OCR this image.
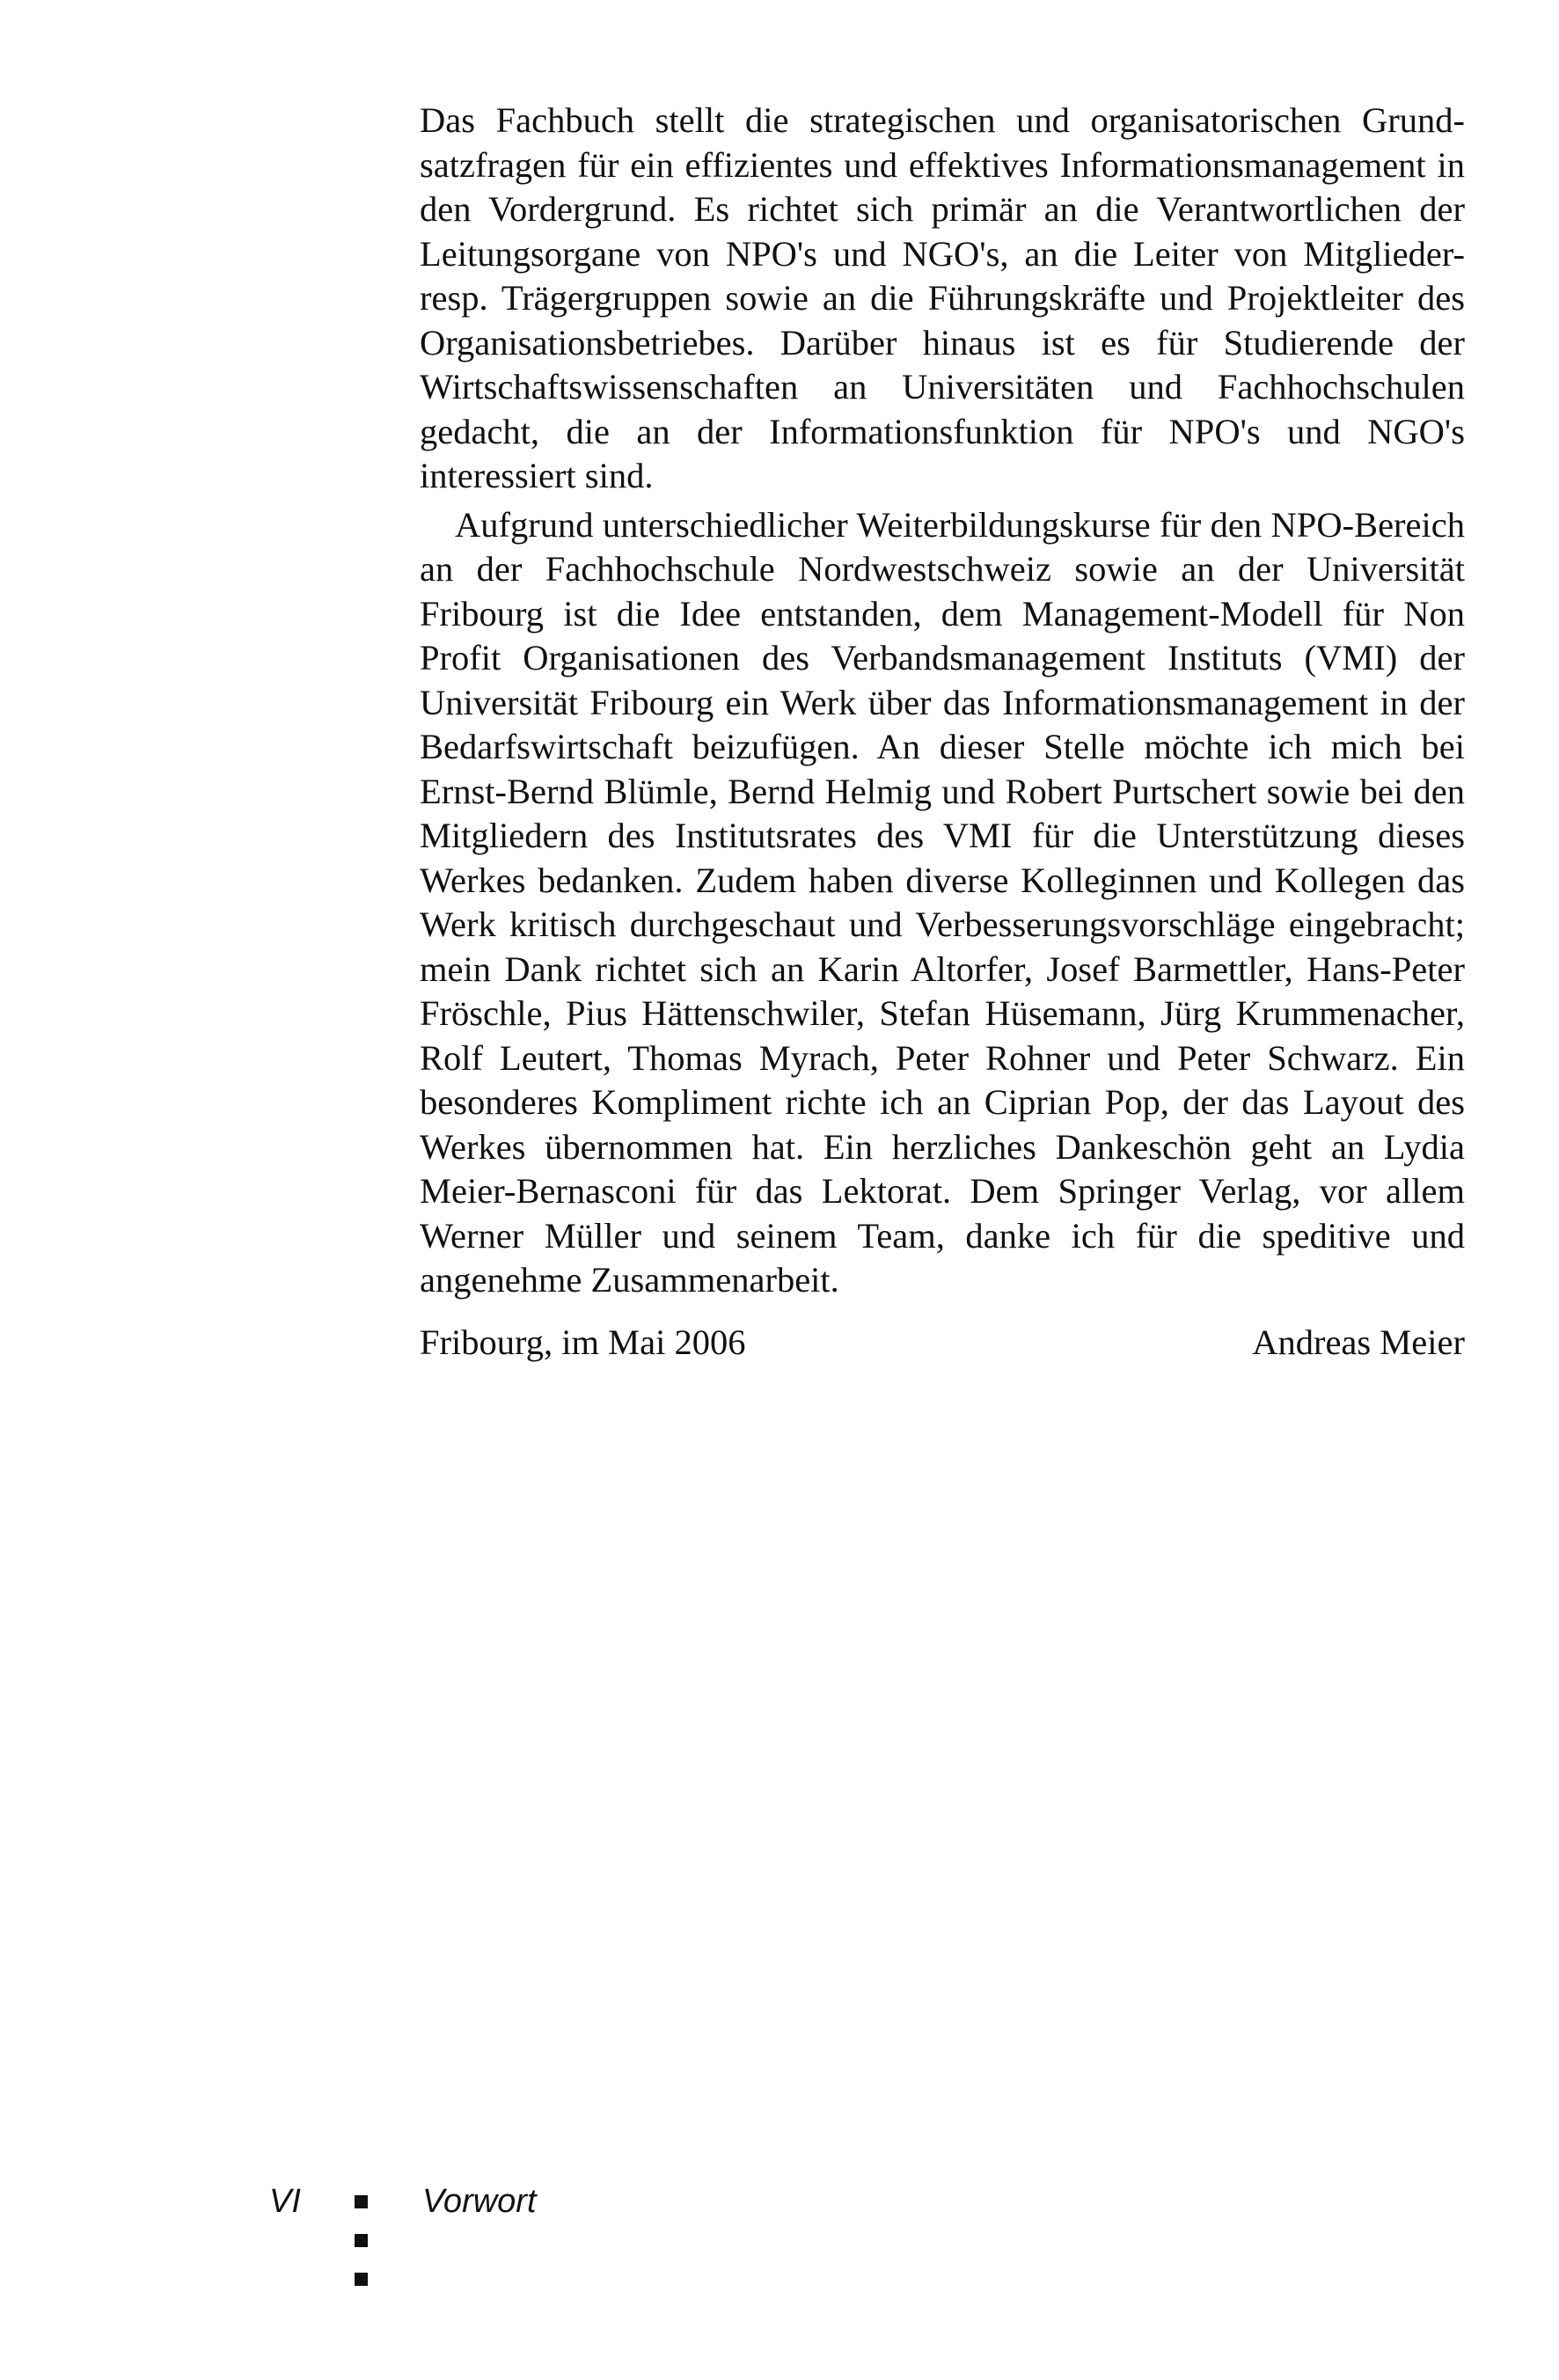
Das Fachbuch stellt die strategischen und organisatorischen Grundsatzfragen für ein effizientes und effektives Informationsmanagement in den Vordergrund. Es richtet sich primär an die Verantwortlichen der Leitungsorgane von NPO's und NGO's, an die Leiter von Mitglieder- resp. Trägergruppen sowie an die Führungskräfte und Projektleiter des Organisationsbetriebes. Darüber hinaus ist es für Studierende der Wirtschaftswissenschaften an Universitäten und Fachhochschulen gedacht, die an der Informationsfunktion für NPO's und NGO's interessiert sind.

Aufgrund unterschiedlicher Weiterbildungskurse für den NPO-Bereich an der Fachhochschule Nordwestschweiz sowie an der Universität Fribourg ist die Idee entstanden, dem Management-Modell für Non Profit Organisationen des Verbandsmanagement Instituts (VMI) der Universität Fribourg ein Werk über das Informationsmanagement in der Bedarfswirtschaft beizufügen. An dieser Stelle möchte ich mich bei Ernst-Bernd Blümle, Bernd Helmig und Robert Purtschert sowie bei den Mitgliedern des Institutsrates des VMI für die Unterstützung dieses Werkes bedanken. Zudem haben diverse Kolleginnen und Kollegen das Werk kritisch durchgeschaut und Verbesserungsvorschläge eingebracht; mein Dank richtet sich an Karin Altorfer, Josef Barmettler, Hans-Peter Fröschle, Pius Hättenschwiler, Stefan Hüsemann, Jürg Krummenacher, Rolf Leutert, Thomas Myrach, Peter Rohner und Peter Schwarz. Ein besonderes Kompliment richte ich an Ciprian Pop, der das Layout des Werkes übernommen hat. Ein herzliches Dankeschön geht an Lydia Meier-Bernasconi für das Lektorat. Dem Springer Verlag, vor allem Werner Müller und seinem Team, danke ich für die speditive und angenehme Zusammenarbeit.

Fribourg, im Mai 2006	Andreas Meier
VI	Vorwort
